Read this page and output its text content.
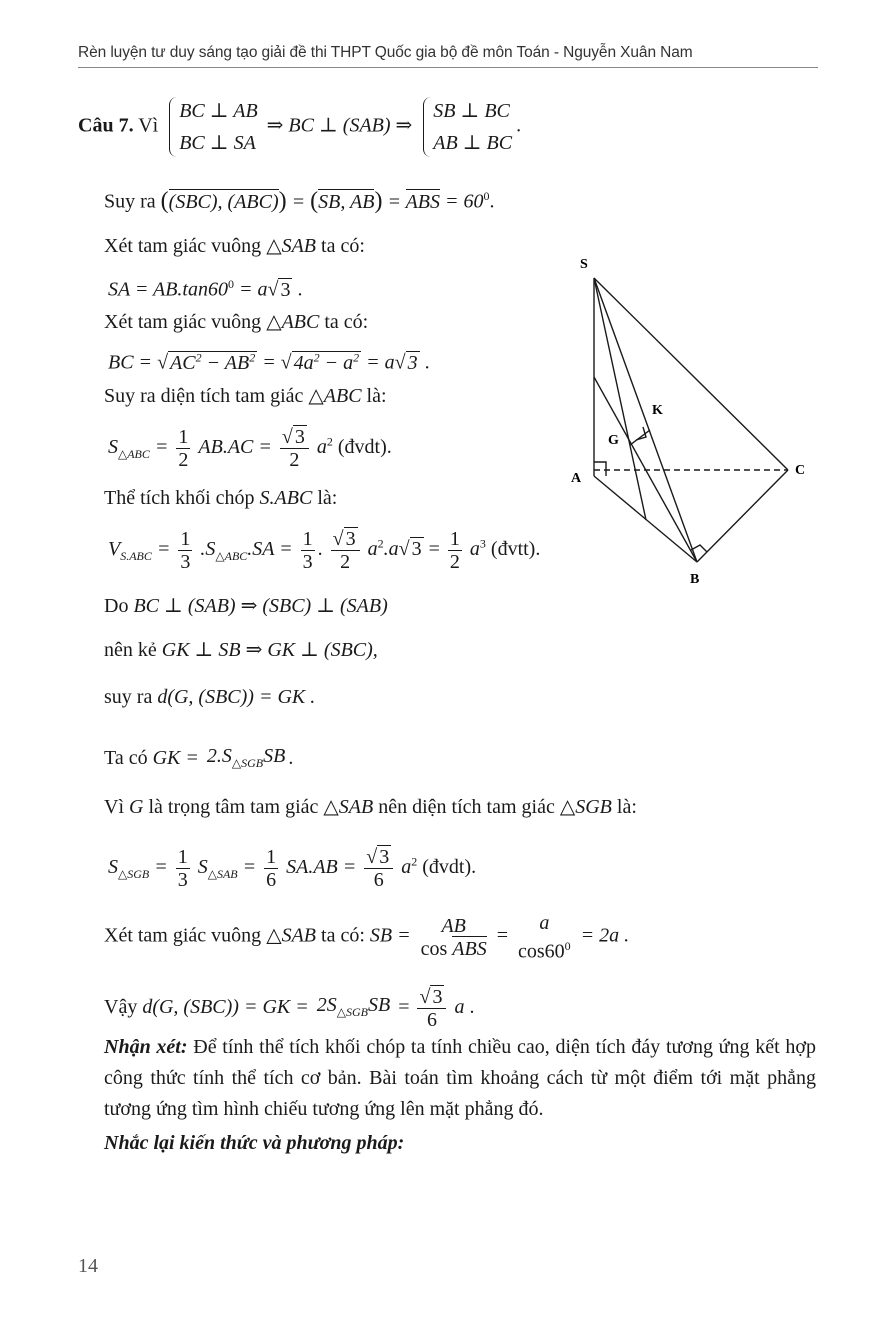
Rèn luyện tư duy sáng tạo giải đề thi THPT Quốc gia bộ đề môn Toán - Nguyễn Xuân Nam
Câu 7. Vì
BC ⊥ AB
BC ⊥ SA
⇒ BC ⊥ (SAB) ⇒
SB ⊥ BC
AB ⊥ BC
.
Suy ra ((SBC), (ABC)) = (SB, AB) = ABS = $60^0$.
Xét tam giác vuông △SAB ta có:
SA = $AB.\tan 60^0 = a√$ 3 .
Xét tam giác vuông △ABC ta có:
BC = √ $AC^2 - AB^2$ = √ $4a^2 - a^2 = a√$ 3 .
Suy ra diện tích tam giác △ABC là:
$S_{\triangle ABC} = \frac{1}{2} AB.AC = \frac{√ 3}{2} a^2$ (đvdt).
Thể tích khối chóp S.ABC là:
$V_{S.ABC} = \frac{1}{3} .S_{\triangle ABC}.SA = \frac{1}{3}$ . $\frac{√ 3}{2} a^2.a√$ $3 = \frac{1}{2} a^3$ (đvtt).
Do BC ⊥ (SAB) ⇒ (SBC) ⊥ (SAB)
nên kẻ GK ⊥ SB ⇒ GK ⊥ (SBC),
suy ra d(G, (SBC)) = GK .
Ta có GK = $2.S_{\triangle SGB}SB$ .
Vì G là trọng tâm tam giác △SAB nên diện tích tam giác △SGB là:
$S_{\triangle SGB} = \frac{1}{3} S_{\triangle SAB} = \frac{1}{6} SA.AB = \frac{√ 3}{6} a^2$ (đvdt).
Xét tam giác vuông △SAB ta có: SB = AB
cos ABS
= a
$\cos 60^0 = 2a$ .
Vậy d(G, (SBC)) = GK = $2S_{\triangle SGB}SB = \frac{√ 3}{6}$ a .
Nhận xét: Để tính thể tích khối chóp ta tính chiều cao, diện tích đáy tương ứng kết hợp công thức tính thể tích cơ bản. Bài toán tìm khoảng cách từ một điểm tới mặt phẳng tương ứng tìm hình chiếu tương ứng lên mặt phẳng đó.
Nhắc lại kiến thức và phương pháp:
S
A
B
C
G
K
14
